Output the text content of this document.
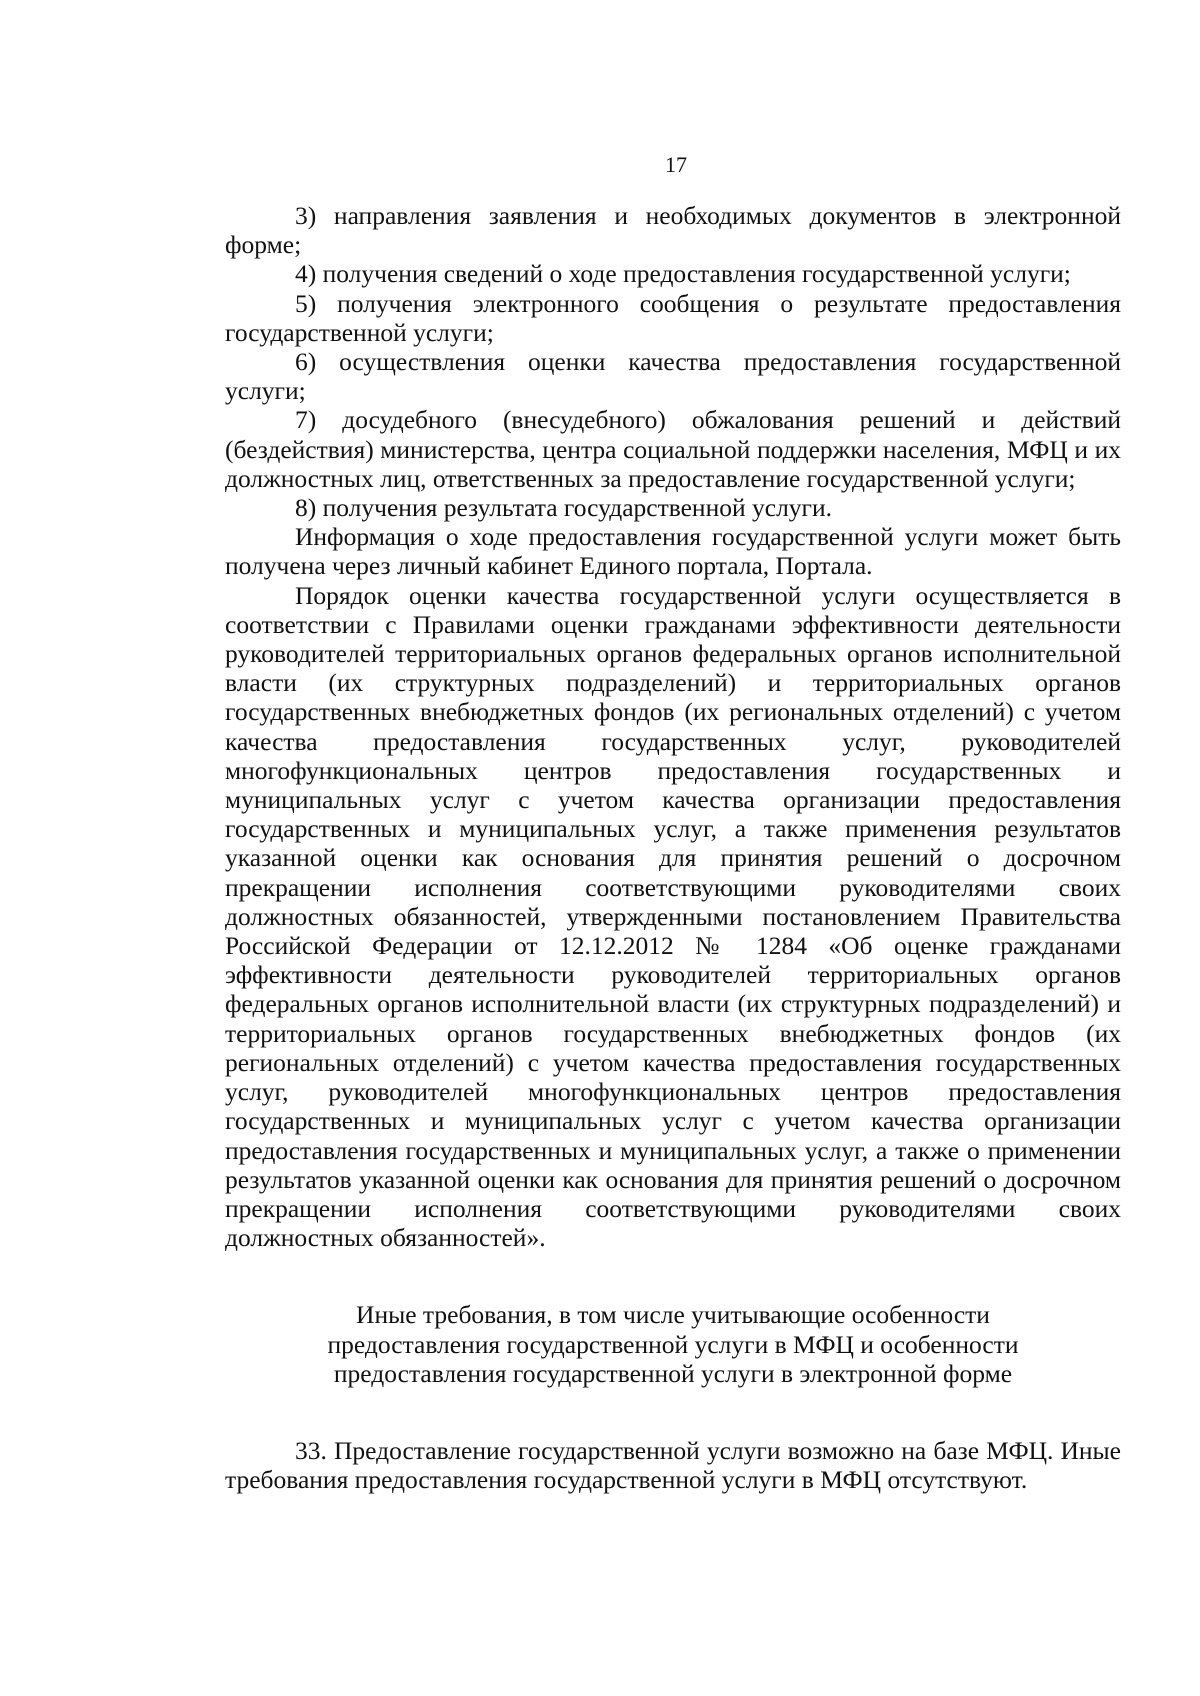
17

3) направления заявления и необходимых документов в электронной форме;

4) получения сведений о ходе предоставления государственной услуги;

5) получения электронного сообщения о результате предоставления государственной услуги;

6) осуществления оценки качества предоставления государственной услуги;

7) досудебного (внесудебного) обжалования решений и действий (бездействия) министерства, центра социальной поддержки населения, МФЦ и их должностных лиц, ответственных за предоставление государственной услуги;

8) получения результата государственной услуги.

Информация о ходе предоставления государственной услуги может быть получена через личный кабинет Единого портала, Портала.

Порядок оценки качества государственной услуги осуществляется в соответствии с Правилами оценки гражданами эффективности деятельности руководителей территориальных органов федеральных органов исполнительной власти (их структурных подразделений) и территориальных органов государственных внебюджетных фондов (их региональных отделений) с учетом качества предоставления государственных услуг, руководителей многофункциональных центров предоставления государственных и муниципальных услуг с учетом качества организации предоставления государственных и муниципальных услуг, а также применения результатов указанной оценки как основания для принятия решений о досрочном прекращении исполнения соответствующими руководителями своих должностных обязанностей, утвержденными постановлением Правительства Российской Федерации от 12.12.2012 № 1284 «Об оценке гражданами эффективности деятельности руководителей территориальных органов федеральных органов исполнительной власти (их структурных подразделений) и территориальных органов государственных внебюджетных фондов (их региональных отделений) с учетом качества предоставления государственных услуг, руководителей многофункциональных центров предоставления государственных и муниципальных услуг с учетом качества организации предоставления государственных и муниципальных услуг, а также о применении результатов указанной оценки как основания для принятия решений о досрочном прекращении исполнения соответствующими руководителями своих должностных обязанностей».

Иные требования, в том числе учитывающие особенности
предоставления государственной услуги в МФЦ и особенности
предоставления государственной услуги в электронной форме

33. Предоставление государственной услуги возможно на базе МФЦ. Иные требования предоставления государственной услуги в МФЦ отсутствуют.
